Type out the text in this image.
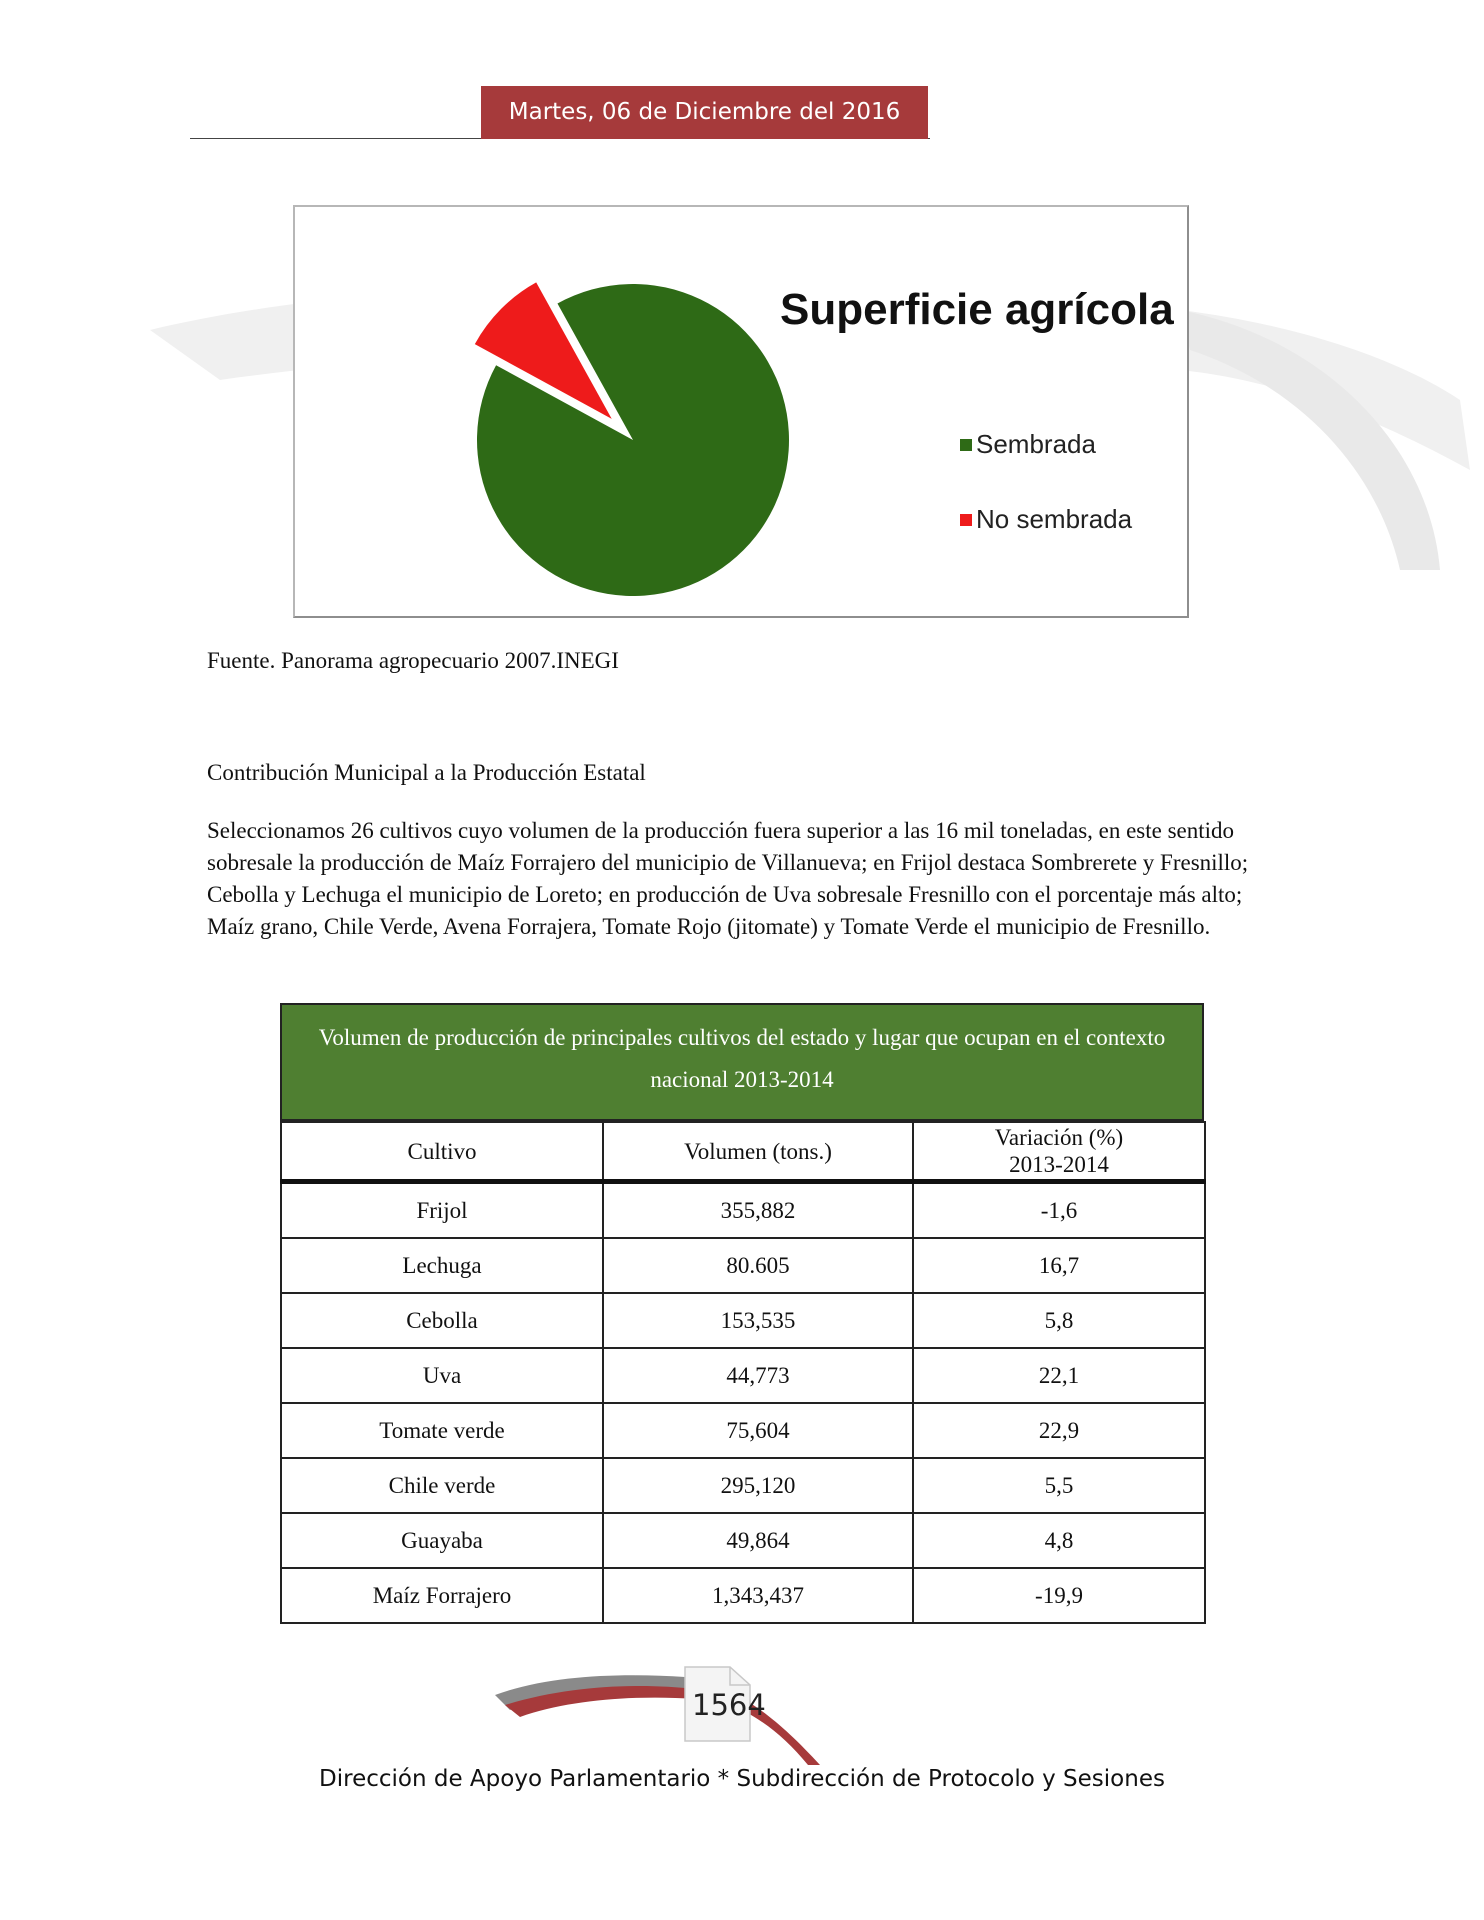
Martes, 06 de Diciembre del 2016
Superficie agrícola
Sembrada
No sembrada
Fuente. Panorama agropecuario 2007.INEGI
Contribución Municipal a la Producción Estatal
Seleccionamos 26 cultivos cuyo volumen de la producción fuera superior a las 16 mil toneladas, en este sentido sobresale la producción de Maíz Forrajero del municipio de Villanueva; en Frijol destaca Sombrerete y Fresnillo; Cebolla y Lechuga el municipio de Loreto; en producción de Uva sobresale Fresnillo con el porcentaje más alto; Maíz grano, Chile Verde, Avena Forrajera, Tomate Rojo (jitomate) y Tomate Verde el municipio de Fresnillo.
Volumen de producción de principales cultivos del estado y lugar que ocupan en el contexto
nacional 2013-2014
Cultivo	Volumen (tons.)	Variación (%)
2013-2014

Frijol	355,882	-1,6
Lechuga	80.605	16,7
Cebolla	153,535	5,8
Uva	44,773	22,1
Tomate verde	75,604	22,9
Chile verde	295,120	5,5
Guayaba	49,864	4,8
Maíz Forrajero	1,343,437	-19,9
1564
Dirección de Apoyo Parlamentario * Subdirección de Protocolo y Sesiones
